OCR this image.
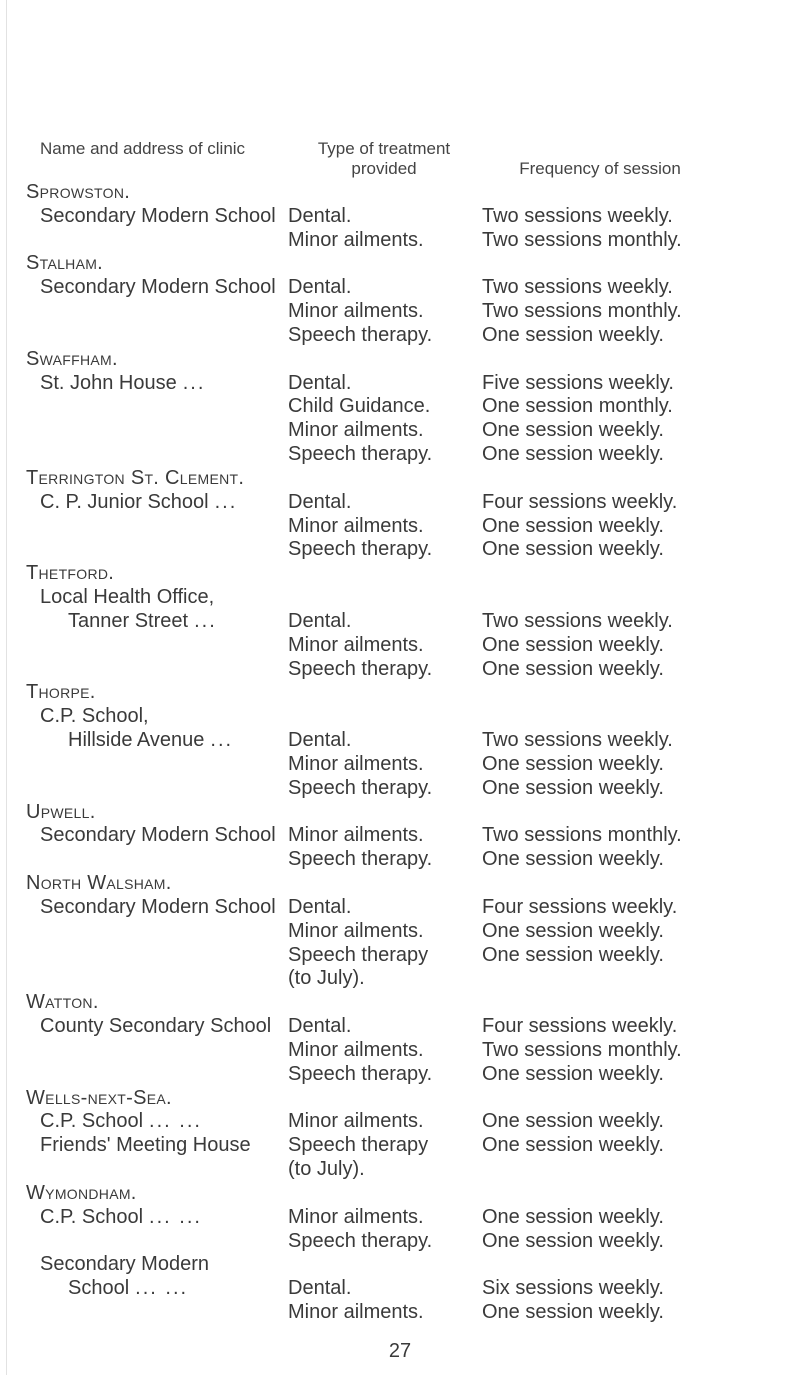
Name and address of clinic	Type of treatment provided	Frequency of session
Sprowston.
Secondary Modern School Dental.	Two sessions weekly.
Minor ailments.	Two sessions monthly.
Stalham.
Secondary Modern School Dental.	Two sessions weekly.
Minor ailments.	Two sessions monthly.
Speech therapy. One session weekly.
Swaffham.
St. John House ...	Dental.	Five sessions weekly.
Child Guidance.	One session monthly.
Minor ailments.	One session weekly.
Speech therapy. One session weekly.
Terrington St. Clement.
C. P. Junior School ...	Dental.	Four sessions weekly.
Minor ailments.	One session weekly.
Speech therapy. One session weekly.
Thetford.
Local Health Office,
Tanner Street ...	Dental.	Two sessions weekly.
Minor ailments.	One session weekly.
Speech therapy. One session weekly.
Thorpe.
C.P. School,
Hillside Avenue ...	Dental.	Two sessions weekly.
Minor ailments.	One session weekly.
Speech therapy. One session weekly.
Upwell.
Secondary Modern School Minor ailments.	Two sessions monthly.
Speech therapy. One session weekly.
North Walsham.
Secondary Modern School Dental.	Four sessions weekly.
Minor ailments.	One session weekly.
Speech therapy	One session weekly.
(to July).
Watton.
County Secondary School Dental.	Four sessions weekly.
Minor ailments.	Two sessions monthly.
Speech therapy. One session weekly.
Wells-next-Sea.
C.P. School ... ...	Minor ailments.	One session weekly.
Friends' Meeting House Speech therapy	One session weekly.
(to July).
Wymondham.
C.P. School ... ...	Minor ailments.	One session weekly.
Speech therapy. One session weekly.
Secondary Modern
School ... ...	Dental.	Six sessions weekly.
Minor ailments.	One session weekly.
27
